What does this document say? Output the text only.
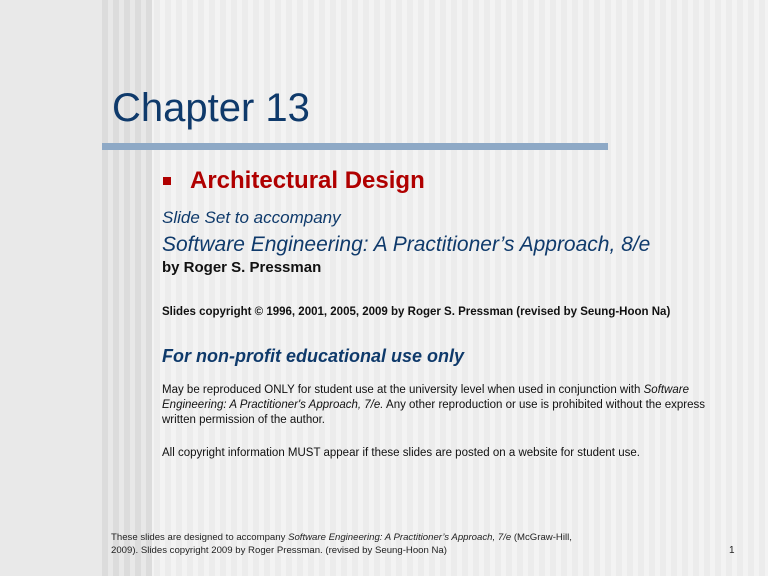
Chapter 13
Architectural Design

Slide Set to accompany

Software Engineering: A Practitioner’s Approach, 8/e

by Roger S. Pressman

Slides copyright © 1996, 2001, 2005, 2009 by Roger S. Pressman (revised by Seung-Hoon Na)

For non-profit educational use only

May be reproduced ONLY for student use at the university level when used in conjunction with Software Engineering: A Practitioner's Approach, 7/e. Any other reproduction or use is prohibited without the express written permission of the author.

All copyright information MUST appear if these slides are posted on a website for student use.

These slides are designed to accompany Software Engineering: A Practitioner’s Approach, 7/e (McGraw-Hill, 2009). Slides copyright 2009 by Roger Pressman. (revised by Seung-Hoon Na)	1
